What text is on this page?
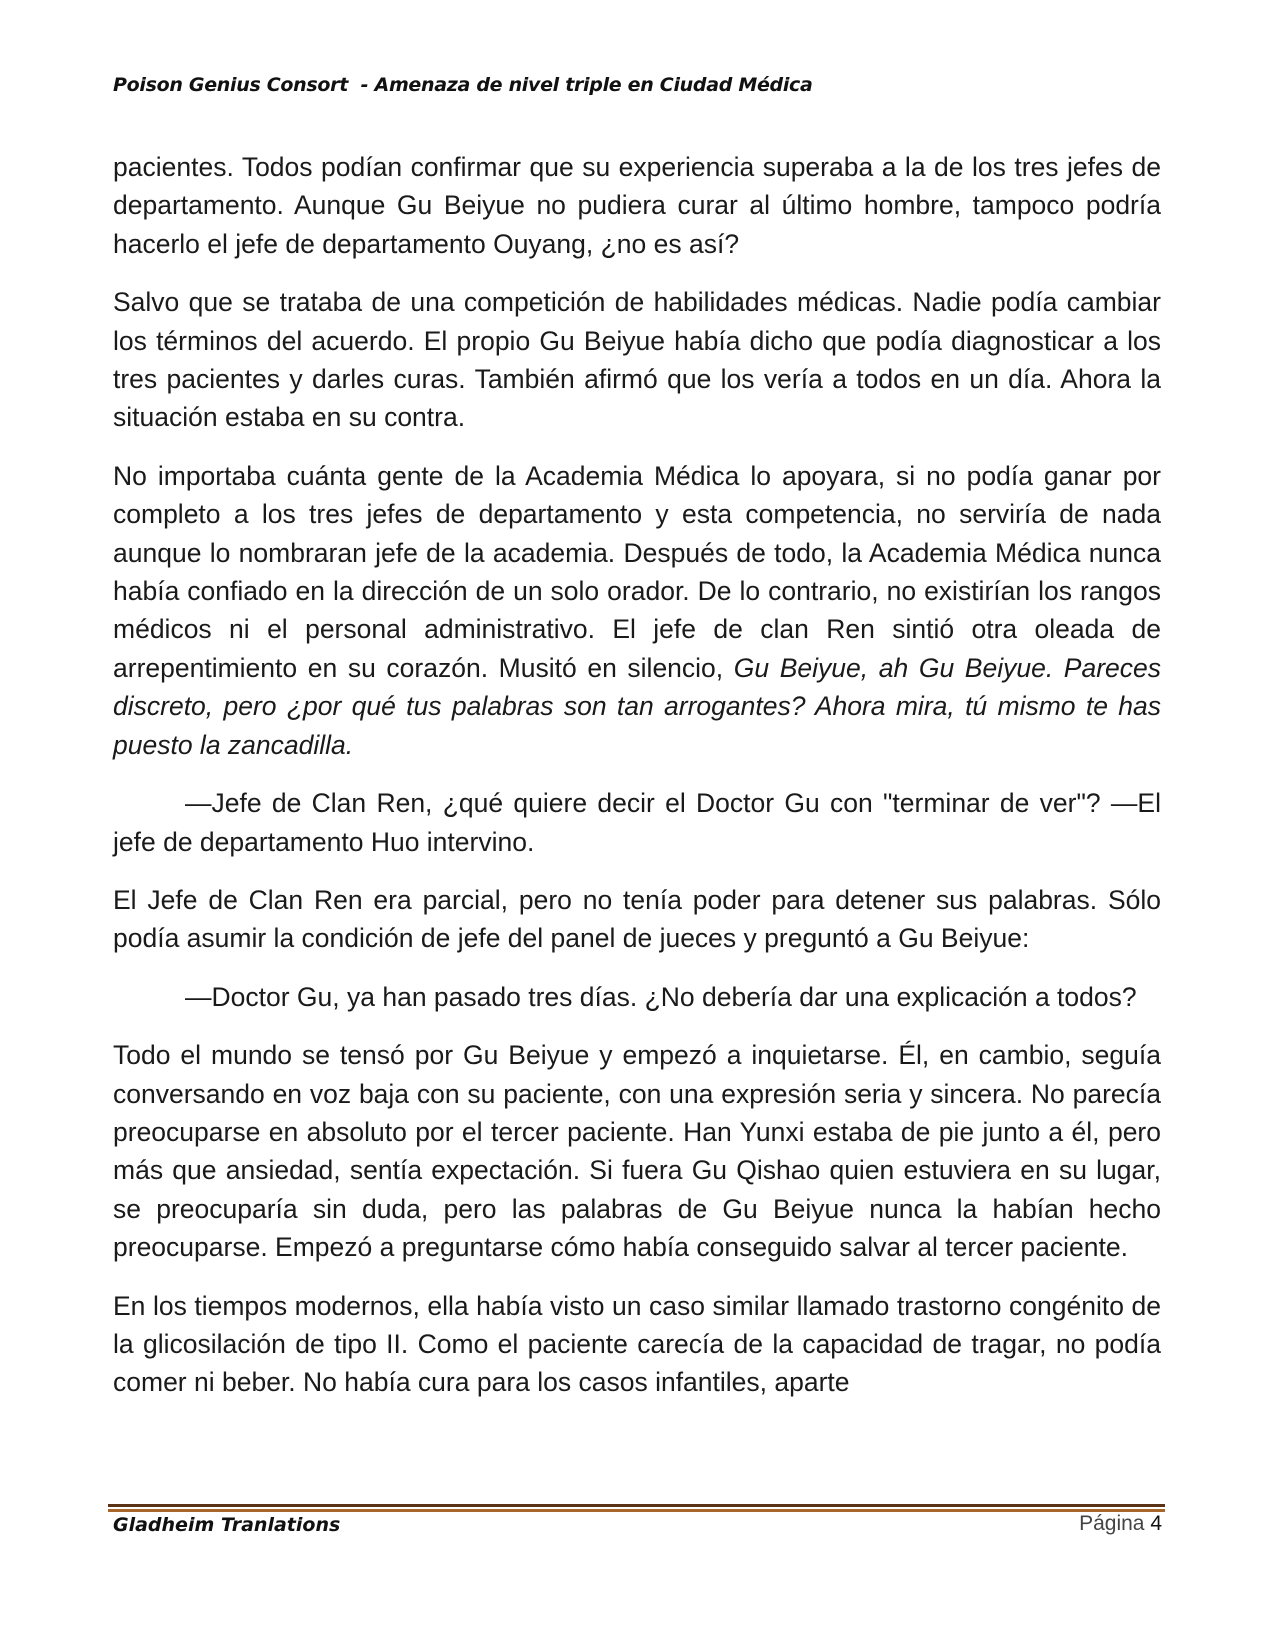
Poison Genius Consort  - Amenaza de nivel triple en Ciudad Médica

pacientes. Todos podían confirmar que su experiencia superaba a la de los tres jefes de departamento. Aunque Gu Beiyue no pudiera curar al último hombre, tampoco podría hacerlo el jefe de departamento Ouyang, ¿no es así?

Salvo que se trataba de una competición de habilidades médicas. Nadie podía cambiar los términos del acuerdo. El propio Gu Beiyue había dicho que podía diagnosticar a los tres pacientes y darles curas. También afirmó que los vería a todos en un día. Ahora la situación estaba en su contra.

No importaba cuánta gente de la Academia Médica lo apoyara, si no podía ganar por completo a los tres jefes de departamento y esta competencia, no serviría de nada aunque lo nombraran jefe de la academia. Después de todo, la Academia Médica nunca había confiado en la dirección de un solo orador. De lo contrario, no existirían los rangos médicos ni el personal administrativo. El jefe de clan Ren sintió otra oleada de arrepentimiento en su corazón. Musitó en silencio, Gu Beiyue, ah Gu Beiyue. Pareces discreto, pero ¿por qué tus palabras son tan arrogantes? Ahora mira, tú mismo te has puesto la zancadilla.

—Jefe de Clan Ren, ¿qué quiere decir el Doctor Gu con "terminar de ver"? —El jefe de departamento Huo intervino.

El Jefe de Clan Ren era parcial, pero no tenía poder para detener sus palabras. Sólo podía asumir la condición de jefe del panel de jueces y preguntó a Gu Beiyue:

—Doctor Gu, ya han pasado tres días. ¿No debería dar una explicación a todos?

Todo el mundo se tensó por Gu Beiyue y empezó a inquietarse. Él, en cambio, seguía conversando en voz baja con su paciente, con una expresión seria y sincera. No parecía preocuparse en absoluto por el tercer paciente. Han Yunxi estaba de pie junto a él, pero más que ansiedad, sentía expectación. Si fuera Gu Qishao quien estuviera en su lugar, se preocuparía sin duda, pero las palabras de Gu Beiyue nunca la habían hecho preocuparse. Empezó a preguntarse cómo había conseguido salvar al tercer paciente.

En los tiempos modernos, ella había visto un caso similar llamado trastorno congénito de la glicosilación de tipo II. Como el paciente carecía de la capacidad de tragar, no podía comer ni beber. No había cura para los casos infantiles, aparte

Gladheim Tranlations	Página 4
